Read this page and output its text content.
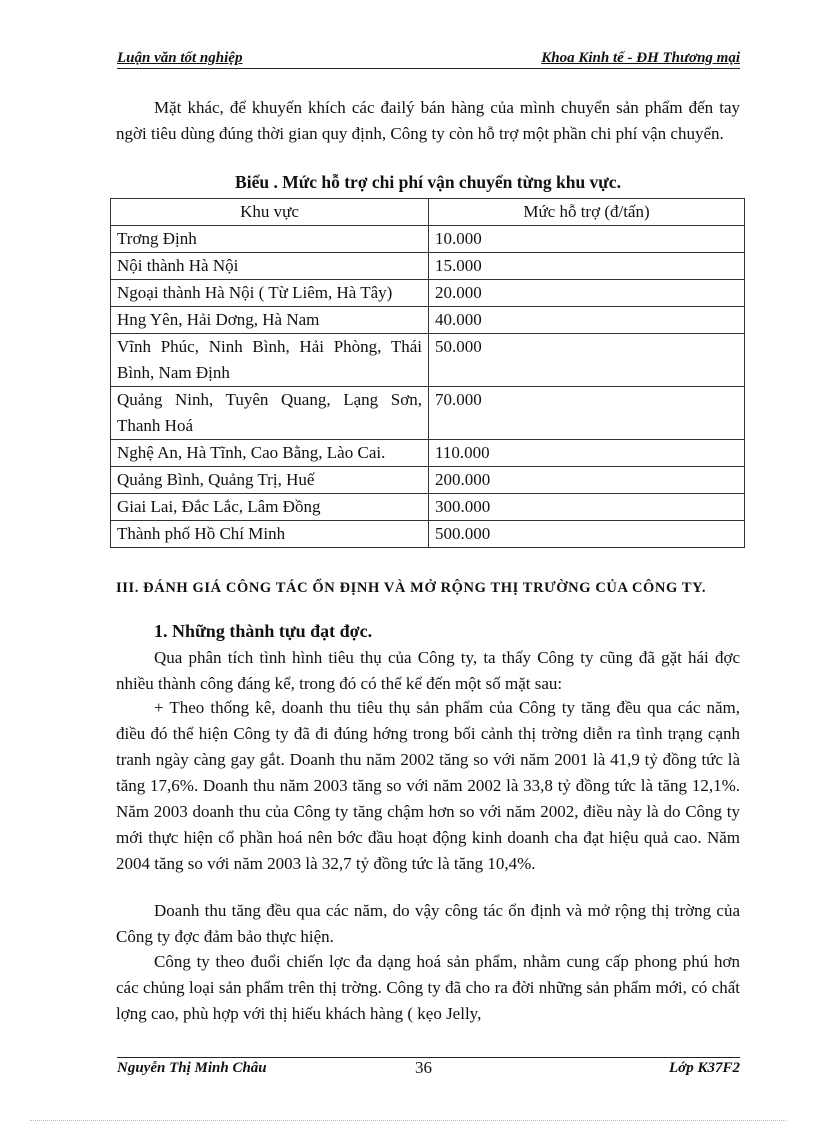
Luận văn tốt nghiệp	Khoa Kinh tế - ĐH Thương mại

Mặt khác, để khuyến khích các đailý bán hàng của mình chuyển sản phẩm đến tay ngời tiêu dùng đúng thời gian quy định, Công ty còn hỗ trợ một phần chi phí vận chuyển.

Biểu . Mức hỗ trợ chi phí vận chuyển từng khu vực.

Khu vực	Mức hỗ trợ (đ/tấn)
Trơng Định	10.000
Nội thành Hà Nội	15.000
Ngoại thành Hà Nội ( Từ Liêm, Hà Tây)	20.000
Hng Yên, Hải Dơng, Hà Nam	40.000
Vĩnh Phúc, Ninh Bình, Hải Phòng, Thái Bình, Nam Định	50.000
Quảng Ninh, Tuyên Quang, Lạng Sơn, Thanh Hoá	70.000
Nghệ An, Hà Tĩnh, Cao Bằng, Lào Cai.	110.000
Quảng Bình, Quảng Trị, Huế	200.000
Giai Lai, Đắc Lắc, Lâm Đồng	300.000
Thành phố Hồ Chí Minh	500.000

III. ĐÁNH GIÁ CÔNG TÁC ỔN ĐỊNH VÀ MỞ RỘNG THỊ TRƯỜNG CỦA CÔNG TY.

1. Những thành tựu đạt đợc.

Qua phân tích tình hình tiêu thụ của Công ty, ta thấy Công ty cũng đã gặt hái đợc nhiều thành công đáng kể, trong đó có thể kể đến một số mặt sau:

+ Theo thống kê, doanh thu tiêu thụ sản phẩm của Công ty tăng đều qua các năm, điều đó thể hiện Công ty đã đi đúng hớng trong bối cảnh thị trờng diễn ra tình trạng cạnh tranh ngày càng gay gắt. Doanh thu năm 2002 tăng so với năm 2001 là 41,9 tỷ đồng tức là tăng 17,6%. Doanh thu năm 2003 tăng so với năm 2002 là 33,8 tỷ đồng tức là tăng 12,1%. Năm 2003 doanh thu của Công ty tăng chậm hơn so với năm 2002, điều này là do Công ty mới thực hiện cổ phần hoá nên bớc đầu hoạt động kinh doanh cha đạt hiệu quả cao. Năm 2004 tăng so với năm 2003 là 32,7 tỷ đồng tức là tăng 10,4%.

Doanh thu tăng đều qua các năm, do vậy công tác ổn định và mở rộng thị trờng của Công ty đợc đảm bảo thực hiện.

Công ty theo đuổi chiến lợc đa dạng hoá sản phẩm, nhằm cung cấp phong phú hơn các chủng loại sản phẩm trên thị trờng. Công ty đã cho ra đời những sản phẩm mới, có chất lợng cao, phù hợp với thị hiếu khách hàng ( kẹo Jelly,

Nguyễn Thị Minh Châu	36	Lớp K37F2
